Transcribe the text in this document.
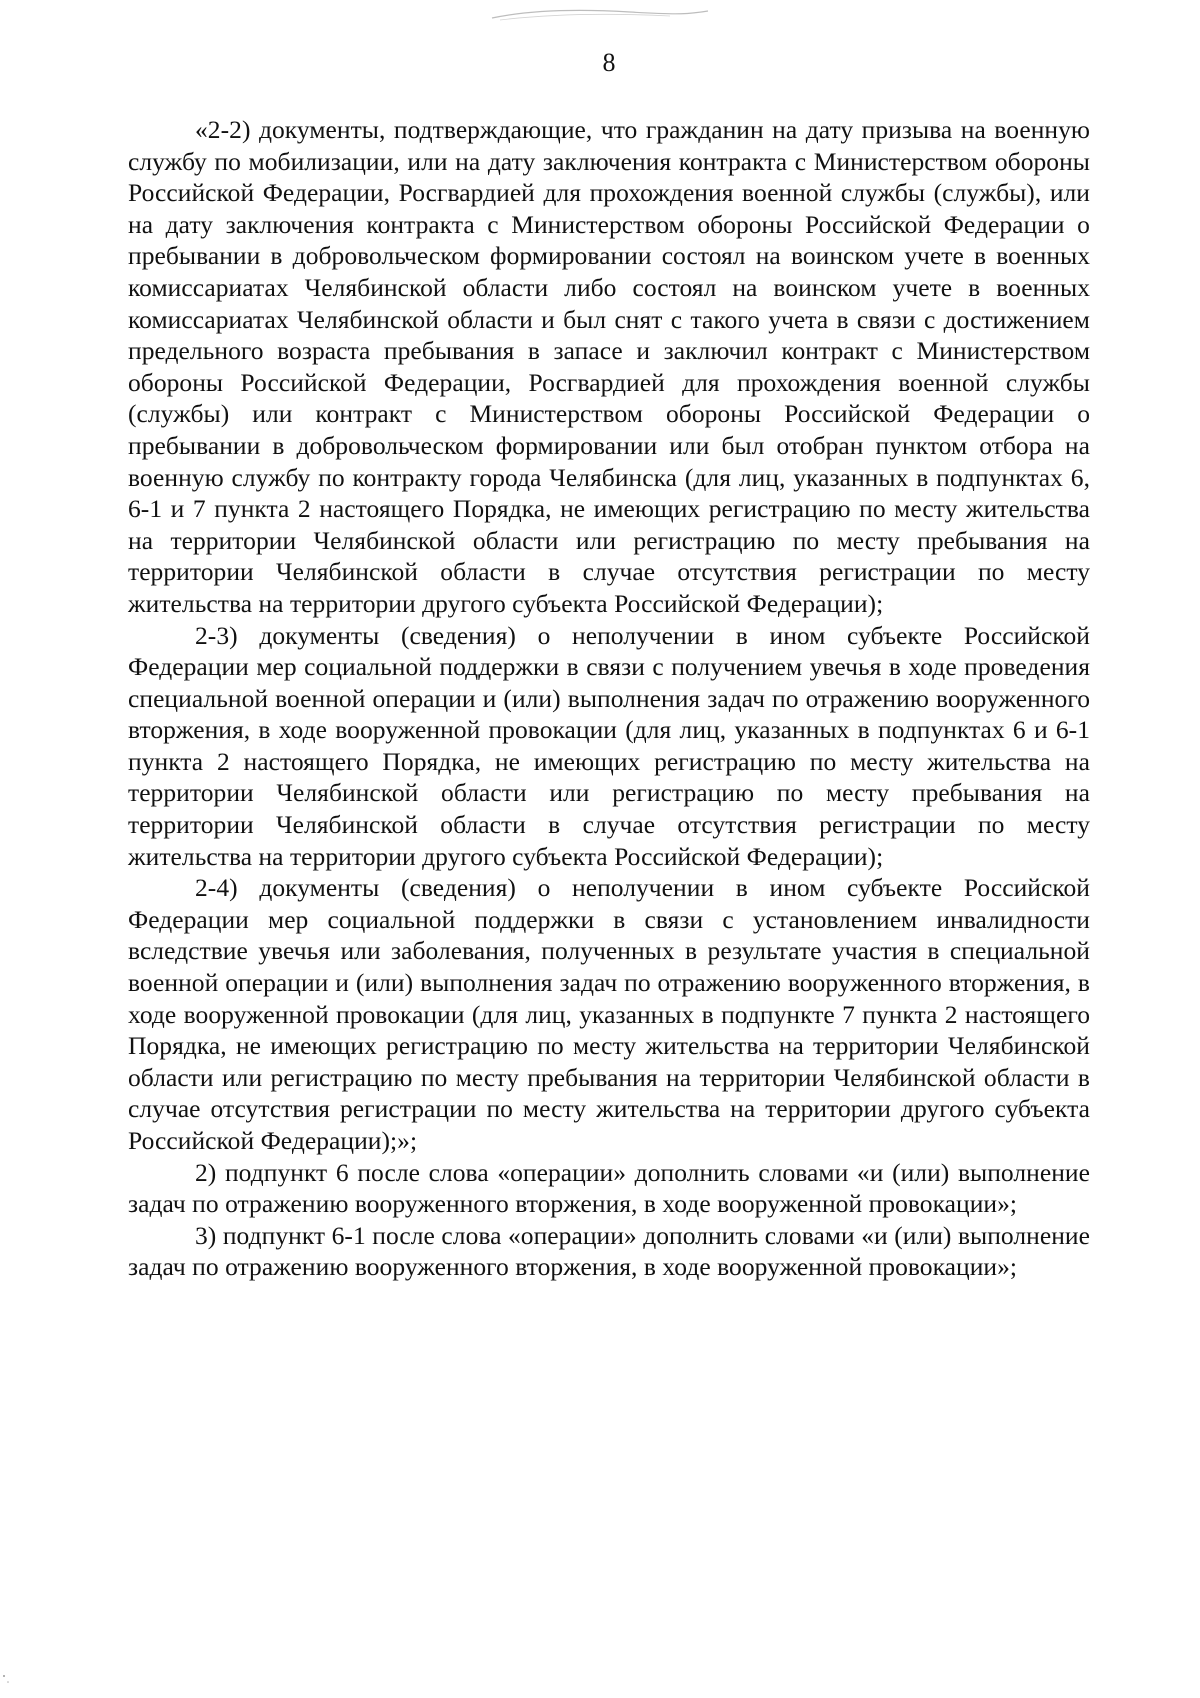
8

«2-2) документы, подтверждающие, что гражданин на дату призыва на военную службу по мобилизации, или на дату заключения контракта с Министерством обороны Российской Федерации, Росгвардией для прохождения военной службы (службы), или на дату заключения контракта с Министерством обороны Российской Федерации о пребывании в добровольческом формировании состоял на воинском учете в военных комиссариатах Челябинской области либо состоял на воинском учете в военных комиссариатах Челябинской области и был снят с такого учета в связи с достижением предельного возраста пребывания в запасе и заключил контракт с Министерством обороны Российской Федерации, Росгвардией для прохождения военной службы (службы) или контракт с Министерством обороны Российской Федерации о пребывании в добровольческом формировании или был отобран пунктом отбора на военную службу по контракту города Челябинска (для лиц, указанных в подпунктах 6, 6-1 и 7 пункта 2 настоящего Порядка, не имеющих регистрацию по месту жительства на территории Челябинской области или регистрацию по месту пребывания на территории Челябинской области в случае отсутствия регистрации по месту жительства на территории другого субъекта Российской Федерации);

2-3) документы (сведения) о неполучении в ином субъекте Российской Федерации мер социальной поддержки в связи с получением увечья в ходе проведения специальной военной операции и (или) выполнения задач по отражению вооруженного вторжения, в ходе вооруженной провокации (для лиц, указанных в подпунктах 6 и 6-1 пункта 2 настоящего Порядка, не имеющих регистрацию по месту жительства на территории Челябинской области или регистрацию по месту пребывания на территории Челябинской области в случае отсутствия регистрации по месту жительства на территории другого субъекта Российской Федерации);

2-4) документы (сведения) о неполучении в ином субъекте Российской Федерации мер социальной поддержки в связи с установлением инвалидности вследствие увечья или заболевания, полученных в результате участия в специальной военной операции и (или) выполнения задач по отражению вооруженного вторжения, в ходе вооруженной провокации (для лиц, указанных в подпункте 7 пункта 2 настоящего Порядка, не имеющих регистрацию по месту жительства на территории Челябинской области или регистрацию по месту пребывания на территории Челябинской области в случае отсутствия регистрации по месту жительства на территории другого субъекта Российской Федерации);»;

2) подпункт 6 после слова «операции» дополнить словами «и (или) выполнение задач по отражению вооруженного вторжения, в ходе вооруженной провокации»;

3) подпункт 6-1 после слова «операции» дополнить словами «и (или) выполнение задач по отражению вооруженного вторжения, в ходе вооруженной провокации»;
